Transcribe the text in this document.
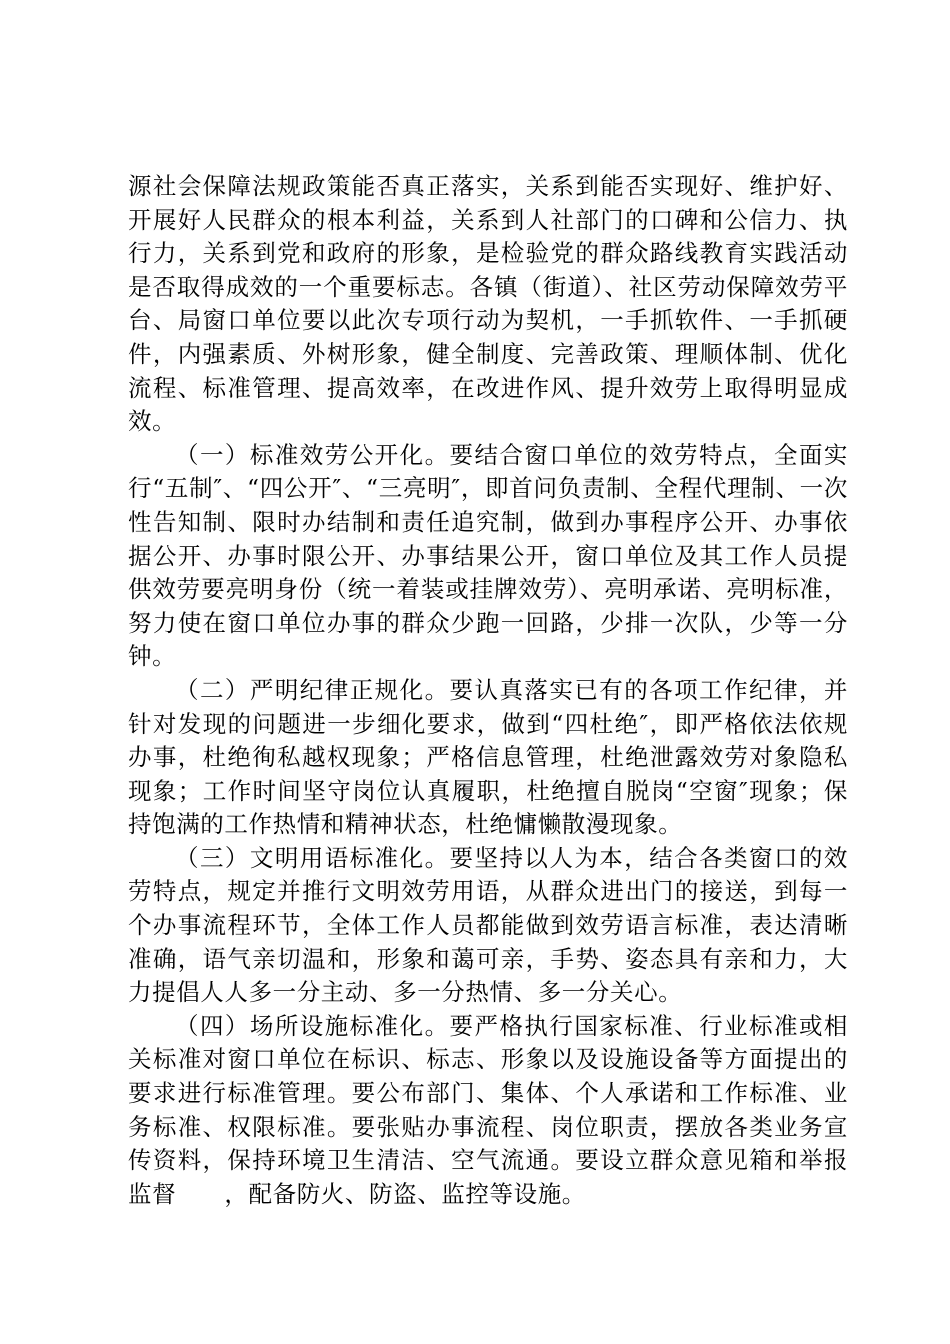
源社会保障法规政策能否真正落实，关系到能否实现好、维护好、开展好人民群众的根本利益，关系到人社部门的口碑和公信力、执行力，关系到党和政府的形象，是检验党的群众路线教育实践活动是否取得成效的一个重要标志。各镇（街道）、社区劳动保障效劳平台、局窗口单位要以此次专项行动为契机，一手抓软件、一手抓硬件，内强素质、外树形象，健全制度、完善政策、理顺体制、优化流程、标准管理、提高效率，在改进作风、提升效劳上取得明显成效。

（一）标准效劳公开化。要结合窗口单位的效劳特点，全面实行“五制″、“四公开″、“三亮明″，即首问负责制、全程代理制、一次性告知制、限时办结制和责任追究制，做到办事程序公开、办事依据公开、办事时限公开、办事结果公开，窗口单位及其工作人员提供效劳要亮明身份（统一着装或挂牌效劳）、亮明承诺、亮明标准，努力使在窗口单位办事的群众少跑一回路，少排一次队，少等一分钟。

（二）严明纪律正规化。要认真落实已有的各项工作纪律，并针对发现的问题进一步细化要求，做到“四杜绝″，即严格依法依规办事，杜绝徇私越权现象；严格信息管理，杜绝泄露效劳对象隐私现象；工作时间坚守岗位认真履职，杜绝擅自脱岗“空窗″现象；保持饱满的工作热情和精神状态，杜绝慵懒散漫现象。

（三）文明用语标准化。要坚持以人为本，结合各类窗口的效劳特点，规定并推行文明效劳用语，从群众进出门的接送，到每一个办事流程环节，全体工作人员都能做到效劳语言标准，表达清晰准确，语气亲切温和，形象和蔼可亲，手势、姿态具有亲和力，大力提倡人人多一分主动、多一分热情、多一分关心。

（四）场所设施标准化。要严格执行国家标准、行业标准或相关标准对窗口单位在标识、标志、形象以及设施设备等方面提出的要求进行标准管理。要公布部门、集体、个人承诺和工作标准、业务标准、权限标准。要张贴办事流程、岗位职责，摆放各类业务宣传资料，保持环境卫生清洁、空气流通。要设立群众意见箱和举报监督　　，配备防火、防盗、监控等设施。
